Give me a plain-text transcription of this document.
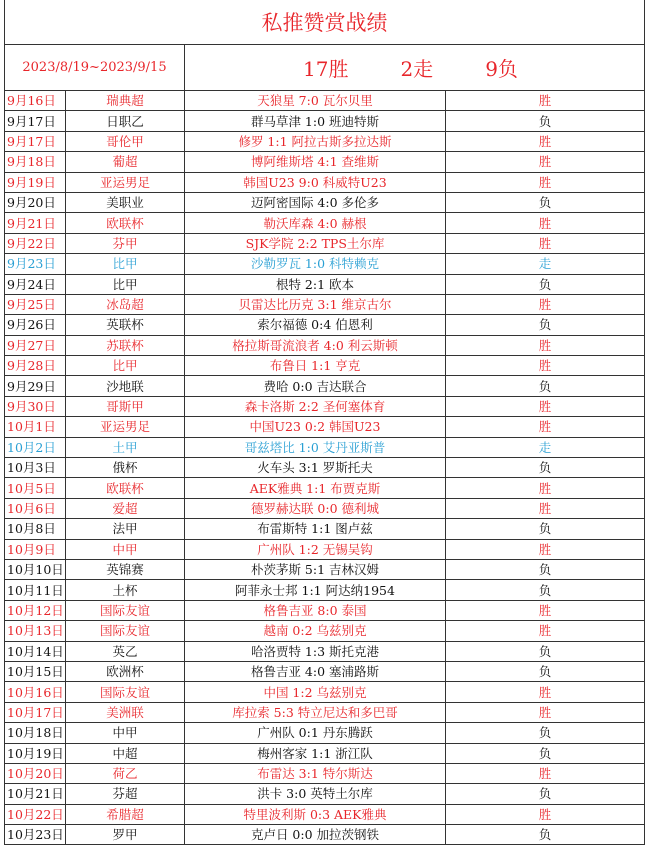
私推赞赏战绩			
2023/8/19~2023/9/15		17胜 2走 9负	
9月16日	瑞典超	天狼星 7:0 瓦尔贝里	胜
9月17日	日职乙	群马草津 1:0 班迪特斯	负
9月17日	哥伦甲	修罗 1:1 阿拉古斯多拉达斯	胜
9月18日	葡超	博阿维斯塔 4:1 查维斯	胜
9月19日	亚运男足	韩国U23 9:0 科威特U23	胜
9月20日	美职业	迈阿密国际 4:0 多伦多	负
9月21日	欧联杯	勒沃库森 4:0 赫根	胜
9月22日	芬甲	SJK学院 2:2 TPS土尔库	胜
9月23日	比甲	沙勒罗瓦 1:0 科特赖克	走
9月24日	比甲	根特 2:1 欧本	负
9月25日	冰岛超	贝雷达比历克 3:1 维京古尔	胜
9月26日	英联杯	索尔福德 0:4 伯恩利	负
9月27日	苏联杯	格拉斯哥流浪者 4:0 利云斯顿	胜
9月28日	比甲	布鲁日 1:1 亨克	胜
9月29日	沙地联	费哈 0:0 吉达联合	负
9月30日	哥斯甲	森卡洛斯 2:2 圣何塞体育	胜
10月1日	亚运男足	中国U23 0:2 韩国U23	胜
10月2日	土甲	哥兹塔比 1:0 艾丹亚斯普	走
10月3日	俄杯	火车头 3:1 罗斯托夫	负
10月5日	欧联杯	AEK雅典 1:1 布贾克斯	胜
10月6日	爱超	德罗赫达联 0:0 德利城	胜
10月8日	法甲	布雷斯特 1:1 图卢兹	负
10月9日	中甲	广州队 1:2 无锡吴钩	胜
10月10日	英锦赛	朴茨茅斯 5:1 吉林汉姆	负
10月11日	土杯	阿菲永士邦 1:1 阿达纳1954	负
10月12日	国际友谊	格鲁吉亚 8:0 泰国	胜
10月13日	国际友谊	越南 0:2 乌兹别克	胜
10月14日	英乙	哈洛贾特 1:3 斯托克港	负
10月15日	欧洲杯	格鲁吉亚 4:0 塞浦路斯	负
10月16日	国际友谊	中国 1:2 乌兹别克	胜
10月17日	美洲联	库拉索 5:3 特立尼达和多巴哥	胜
10月18日	中甲	广州队 0:1 丹东腾跃	负
10月19日	中超	梅州客家 1:1 浙江队	负
10月20日	荷乙	布雷达 3:1 特尔斯达	胜
10月21日	芬超	洪卡 3:0 英特土尔库	负
10月22日	希腊超	特里波利斯 0:3 AEK雅典	胜
10月23日	罗甲	克卢日 0:0 加拉茨钢铁	负
